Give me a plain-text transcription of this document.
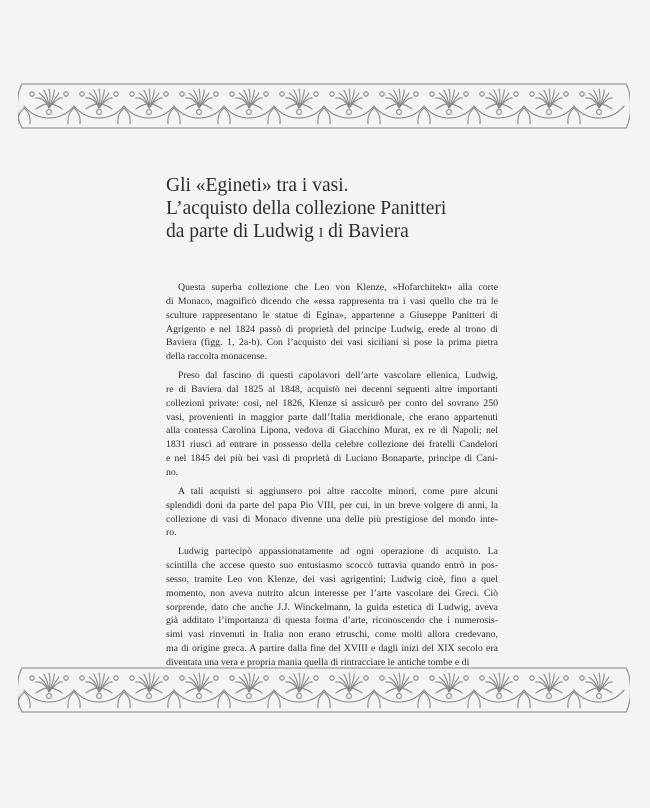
Gli «Egineti» tra i vasi.
L’acquisto della collezione Panitteri
da parte di Ludwig I di Baviera

Questa superba collezione che Leo von Klenze, «Hofarchitekt» alla corte
di Monaco, magnificò dicendo che «essa rappresenta tra i vasi quello che tra le
sculture rappresentano le statue di Egina», appartenne a Giuseppe Panitteri di
Agrigento e nel 1824 passò di proprietà del principe Ludwig, erede al trono di
Baviera (figg. 1, 2a-b). Con l’acquisto dei vasi siciliani si pose la prima pietra
della raccolta monacense.

Preso dal fascino di questi capolavori dell’arte vascolare ellenica, Ludwig,
re di Baviera dal 1825 al 1848, acquistò nei decenni seguenti altre importanti
collezioni private: così, nel 1826, Klenze si assicurò per conto del sovrano 250
vasi, provenienti in maggior parte dall’Italia meridionale, che erano appartenuti
alla contessa Carolina Lipona, vedova di Giacchino Murat, ex re di Napoli; nel
1831 riuscì ad entrare in possesso della celebre collezione dei fratelli Candelori
e nel 1845 dei più bei vasi di proprietà di Luciano Bonaparte, principe di Cani-
no.

A tali acquisti si aggiunsero poi altre raccolte minori, come pure alcuni
splendidi doni da parte del papa Pio VIII, per cui, in un breve volgere di anni, la
collezione di vasi di Monaco divenne una delle più prestigiose del mondo inte-
ro.

Ludwig partecipò appassionatamente ad ogni operazione di acquisto. La
scintilla che accese questo suo entusiasmo scoccò tuttavia quando entrò in pos-
sesso, tramite Leo von Klenze, dei vasi agrigentini; Ludwig cioè, fino a quel
momento, non aveva nutrito alcun interesse per l’arte vascolare dei Greci. Ciò
sorprende, dato che anche J.J. Winckelmann, la guida estetica di Ludwig, aveva
già additato l’importanza di questa forma d’arte, riconoscendo che i numerosis-
simi vasi rinvenuti in Italia non erano etruschi, come molti allora credevano,
ma di origine greca. A partire dalla fine del XVIII e dagli inizi del XIX secolo era
diventata una vera e propria mania quella di rintracciare le antiche tombe e di
